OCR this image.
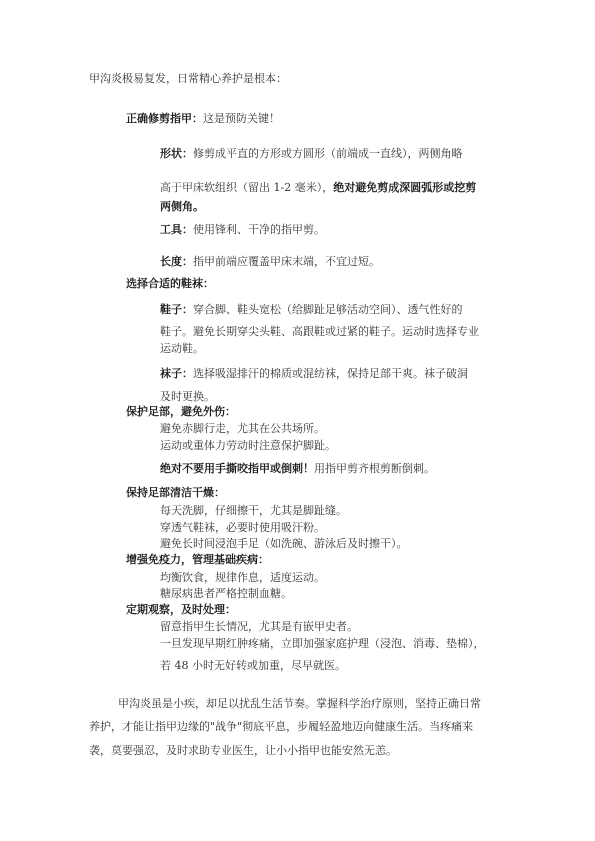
甲沟炎极易复发，日常精心养护是根本：
正确修剪指甲：这是预防关键！
形状：修剪成平直的方形或方圆形（前端成一直线），两侧角略
高于甲床软组织（留出 1-2 毫米），绝对避免剪成深圆弧形或挖剪
两侧角。
工具：使用锋利、干净的指甲剪。
长度：指甲前端应覆盖甲床末端，不宜过短。
选择合适的鞋袜：
鞋子：穿合脚、鞋头宽松（给脚趾足够活动空间）、透气性好的
鞋子。避免长期穿尖头鞋、高跟鞋或过紧的鞋子。运动时选择专业
运动鞋。
袜子：选择吸湿排汗的棉质或混纺袜，保持足部干爽。袜子破洞
及时更换。
保护足部，避免外伤：
避免赤脚行走，尤其在公共场所。
运动或重体力劳动时注意保护脚趾。
绝对不要用手撕咬指甲或倒刺！用指甲剪齐根剪断倒刺。
保持足部清洁干燥：
每天洗脚，仔细擦干，尤其是脚趾缝。
穿透气鞋袜，必要时使用吸汗粉。
避免长时间浸泡手足（如洗碗、游泳后及时擦干）。
增强免疫力，管理基础疾病：
均衡饮食，规律作息，适度运动。
糖尿病患者严格控制血糖。
定期观察，及时处理：
留意指甲生长情况，尤其是有嵌甲史者。
一旦发现早期红肿疼痛，立即加强家庭护理（浸泡、消毒、垫棉），
若 48 小时无好转或加重，尽早就医。
甲沟炎虽是小疾，却足以扰乱生活节奏。掌握科学治疗原则，坚持正确日常
养护，才能让指甲边缘的"战争"彻底平息，步履轻盈地迈向健康生活。当疼痛来
袭，莫要强忍，及时求助专业医生，让小小指甲也能安然无恙。
